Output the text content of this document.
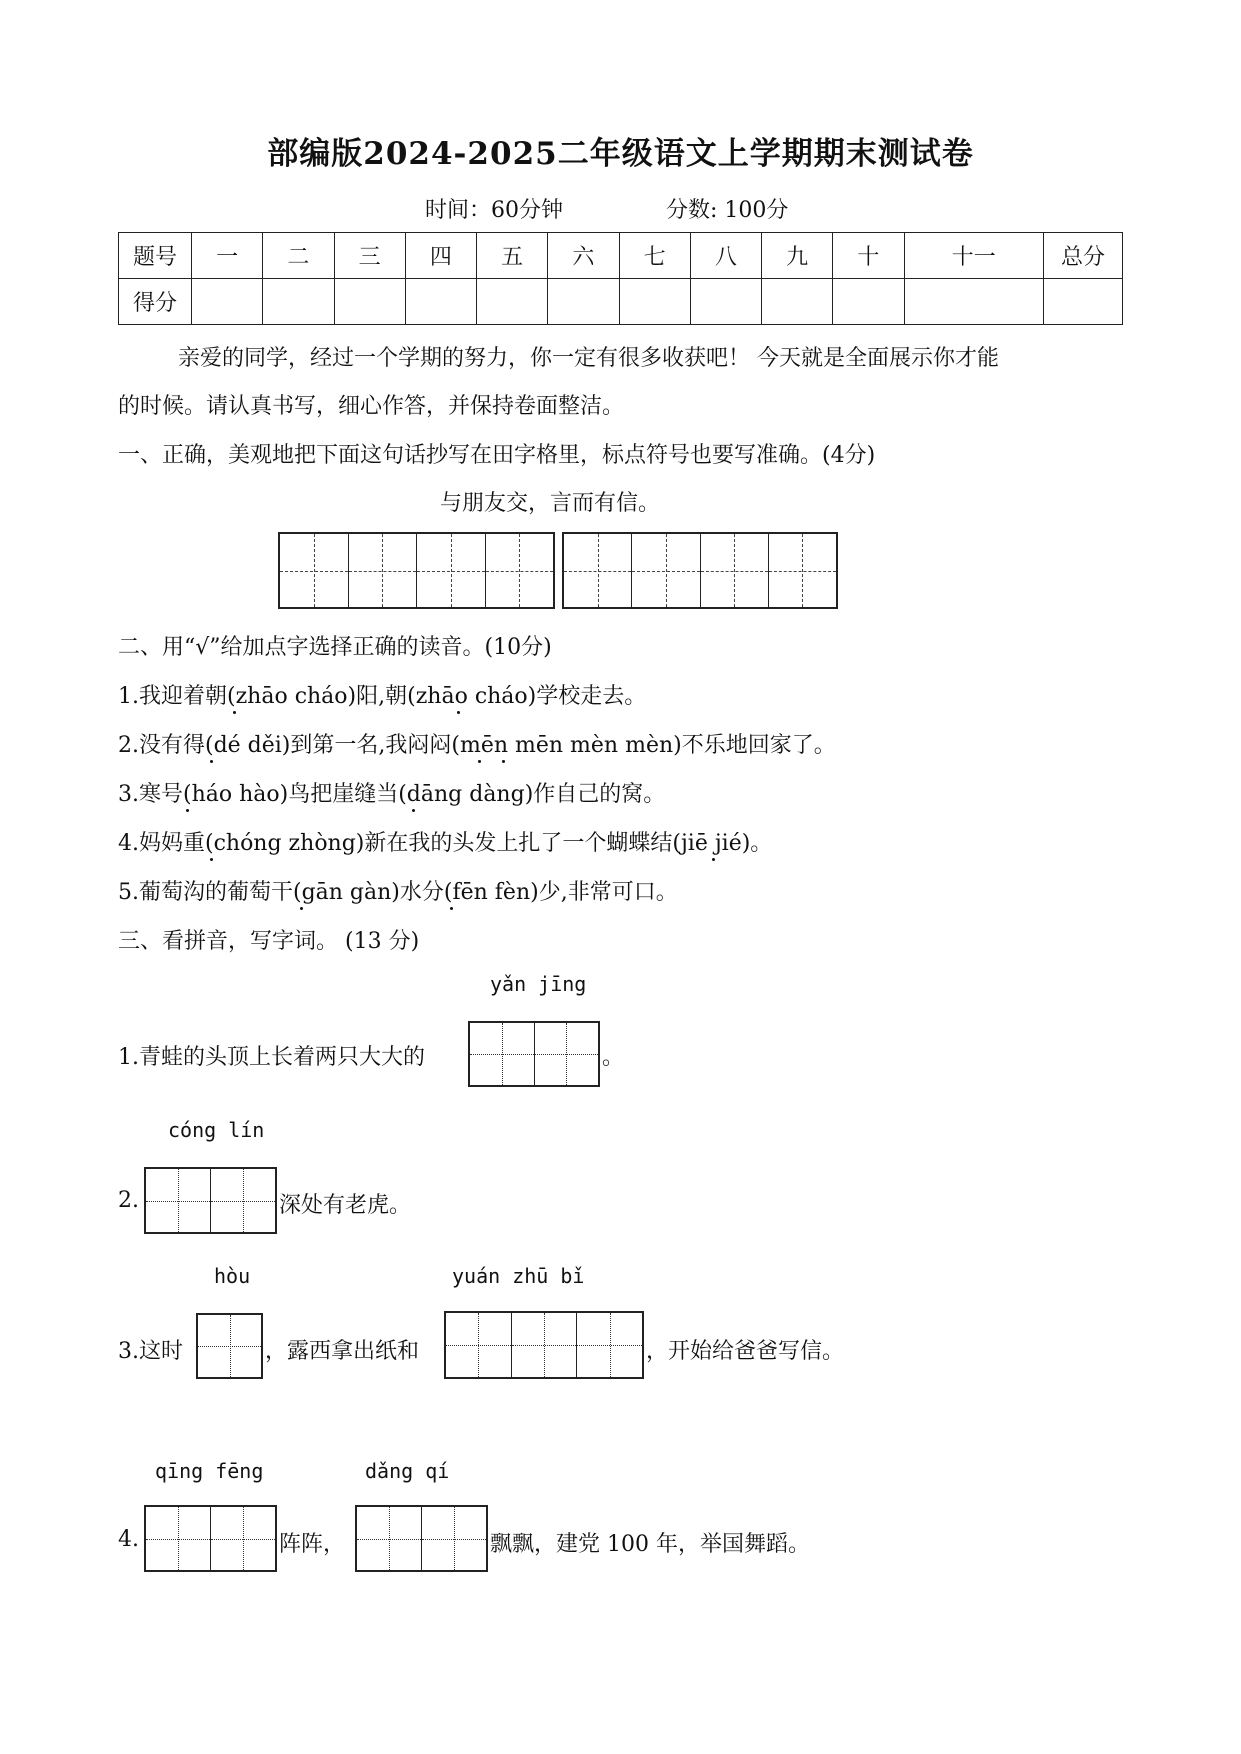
部编版2024-2025二年级语文上学期期末测试卷
时间：60分钟	分数: 100分
题号	一	二	三	四	五	六	七	八	九	十	十一	总分
得分												
亲爱的同学，经过一个学期的努力，你一定有很多收获吧！ 今天就是全面展示你才能
的时候。请认真书写，细心作答，并保持卷面整洁。
一、正确，美观地把下面这句话抄写在田字格里，标点符号也要写准确。(4分)
与朋友交，言而有信。
二、用“√”给加点字选择正确的读音。(10分)
1.我迎着朝(zhāo cháo)阳,朝(zhāo cháo)学校走去。
2.没有得(dé děi)到第一名,我闷闷(mēn mēn mèn mèn)不乐地回家了。
3.寒号(háo hào)鸟把崖缝当(dāng dàng)作自己的窝。
4.妈妈重(chóng zhòng)新在我的头发上扎了一个蝴蝶结(jiē jié)。
5.葡萄沟的葡萄干(gān gàn)水分(fēn fèn)少,非常可口。
三、看拼音，写字词。 (13 分)
yǎn jīng
1.青蛙的头顶上长着两只大大的	。
cóng lín
2.	深处有老虎。
hòu	yuán zhū bǐ
3.这时	，露西拿出纸和	，开始给爸爸写信。
qīng fēng	dǎng qí
4.	阵阵，	飘飘，建党 100 年，举国舞蹈。
